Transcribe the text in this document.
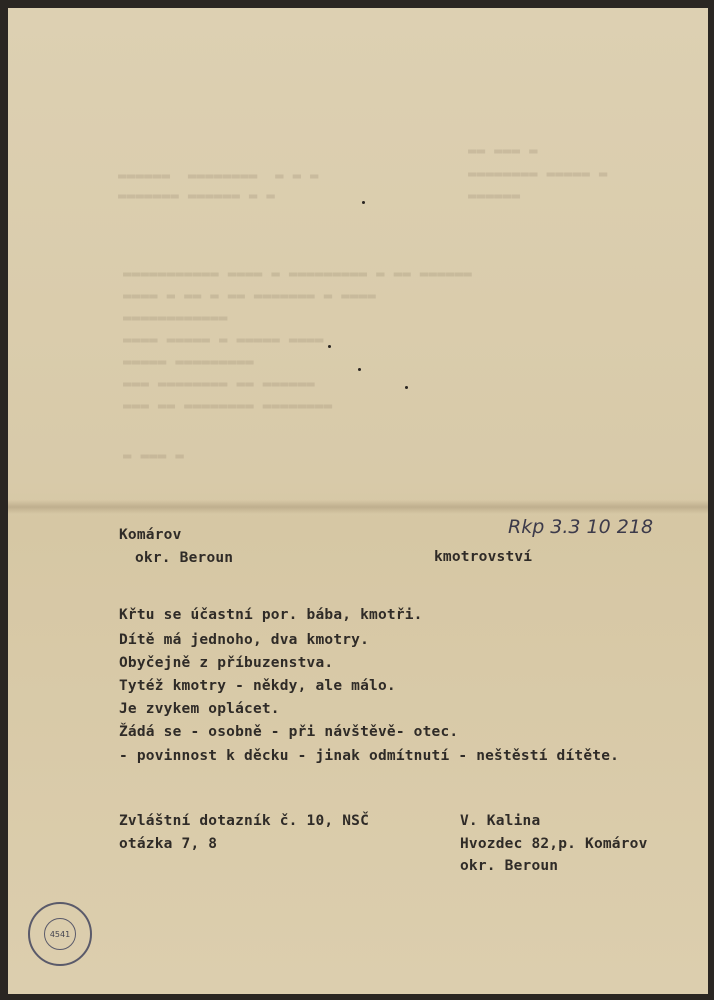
▬▬▬▬▬▬  ▬▬▬▬▬▬▬▬  ▬ ▬ ▬
▬▬▬▬▬▬▬ ▬▬▬▬▬▬ ▬ ▬
▬▬ ▬▬▬ ▬
▬▬▬▬▬▬▬▬ ▬▬▬▬▬ ▬
▬▬▬▬▬▬
▬▬▬▬▬▬▬▬▬▬▬ ▬▬▬▬ ▬ ▬▬▬▬▬▬▬▬▬ ▬ ▬▬ ▬▬▬▬▬▬
▬▬▬▬ ▬ ▬▬ ▬ ▬▬ ▬▬▬▬▬▬▬ ▬ ▬▬▬▬
▬▬▬▬▬▬▬▬▬▬▬▬
▬▬▬▬ ▬▬▬▬▬ ▬ ▬▬▬▬▬ ▬▬▬▬
▬▬▬▬▬ ▬▬▬▬▬▬▬▬▬
▬▬▬ ▬▬▬▬▬▬▬▬ ▬▬ ▬▬▬▬▬▬
▬▬▬ ▬▬ ▬▬▬▬▬▬▬▬ ▬▬▬▬▬▬▬▬
▬ ▬▬▬ ▬
Komárov
okr. Beroun	kmotrovství
Rkp 3.3 10 218
Křtu se účastní por. bába, kmotři.
Dítě má jednoho, dva kmotry.
Obyčejně z příbuzenstva.
Tytéž kmotry - někdy, ale málo.
Je zvykem oplácet.
Žádá se - osobně - při návštěvě- otec.
- povinnost k děcku - jinak odmítnutí - neštěstí dítěte.
Zvláštní dotazník č. 10, NSČ
otázka 7, 8
V. Kalina
Hvozdec 82,p. Komárov
okr. Beroun
4541
